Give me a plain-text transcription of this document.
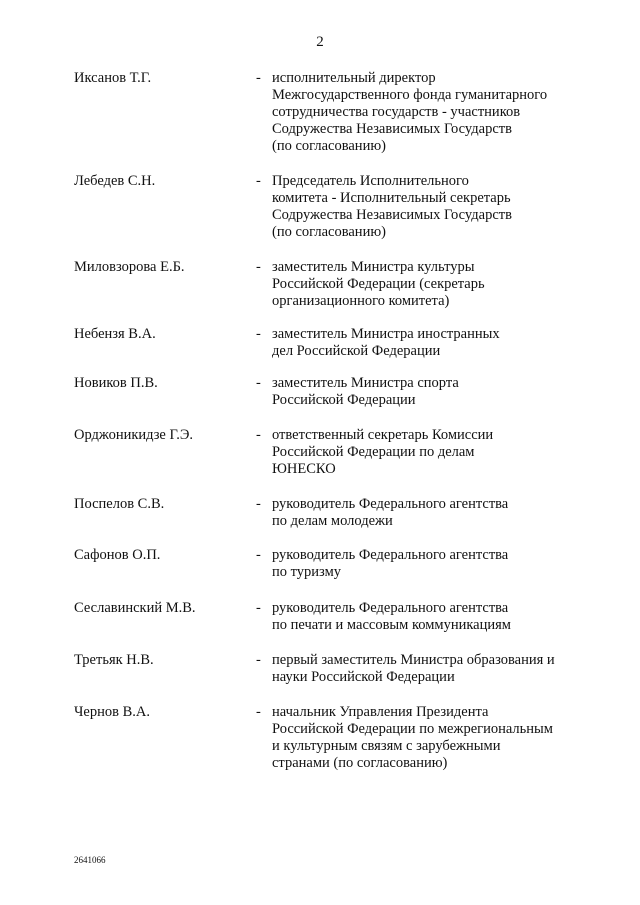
2
Иксанов Т.Г.	- исполнительный директор
Межгосударственного фонда гуманитарного
сотрудничества государств - участников
Содружества Независимых Государств
(по согласованию)
Лебедев С.Н.	- Председатель Исполнительного
комитета - Исполнительный секретарь
Содружества Независимых Государств
(по согласованию)
Миловзорова Е.Б.	- заместитель Министра культуры
Российской Федерации (секретарь
организационного комитета)
Небензя В.А.	- заместитель Министра иностранных
дел Российской Федерации
Новиков П.В.	- заместитель Министра спорта
Российской Федерации
Орджоникидзе Г.Э.	- ответственный секретарь Комиссии
Российской Федерации по делам
ЮНЕСКО
Поспелов С.В.	- руководитель Федерального агентства
по делам молодежи
Сафонов О.П.	- руководитель Федерального агентства
по туризму
Сеславинский М.В.	- руководитель Федерального агентства
по печати и массовым коммуникациям
Третьяк Н.В.	- первый заместитель Министра образования и
науки Российской Федерации
Чернов В.А.	- начальник Управления Президента
Российской Федерации по межрегиональным
и культурным связям с зарубежными
странами (по согласованию)
2641066
